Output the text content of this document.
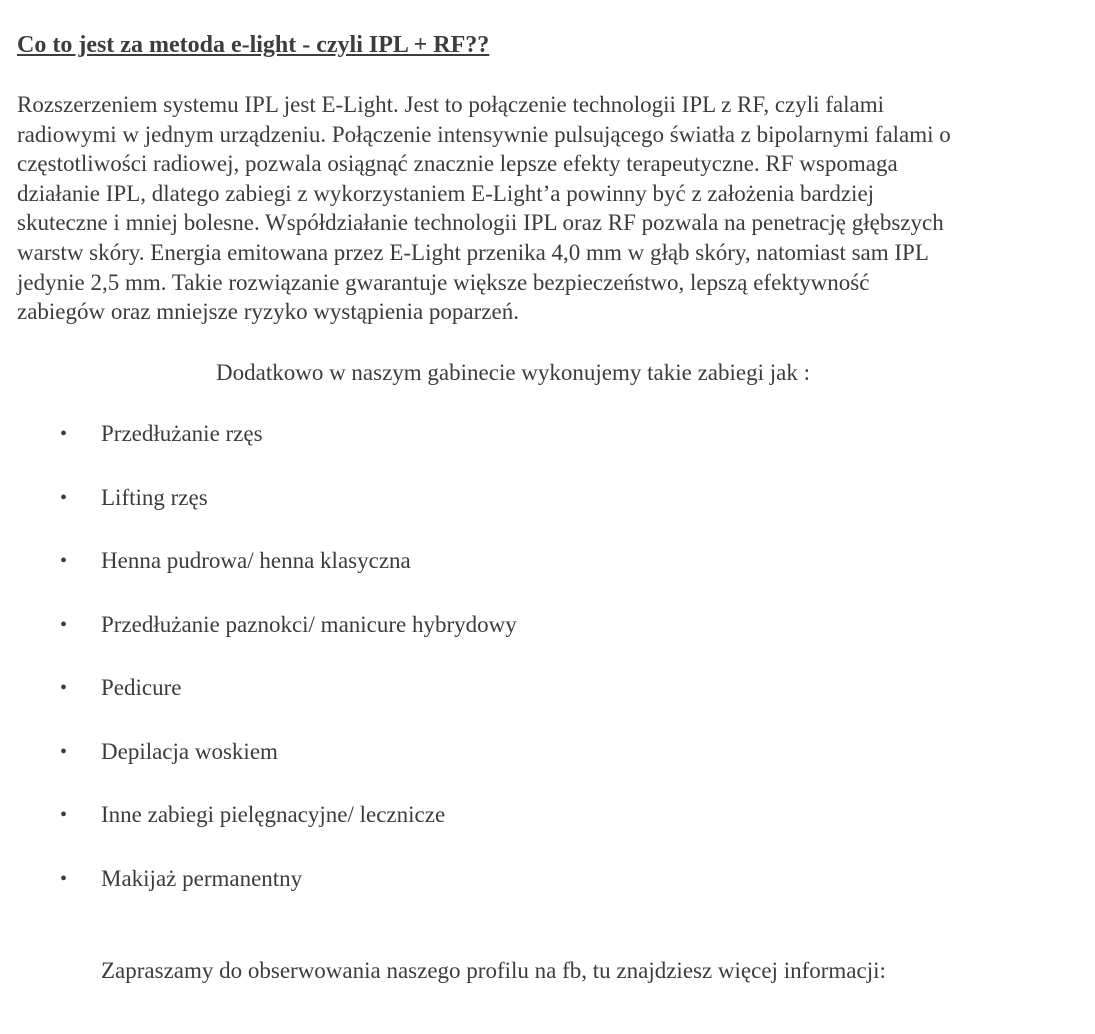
Co to jest za metoda e-light - czyli IPL + RF??

Rozszerzeniem systemu IPL jest E-Light. Jest to połączenie technologii IPL z RF, czyli falami
radiowymi w jednym urządzeniu. Połączenie intensywnie pulsującego światła z bipolarnymi falami o
częstotliwości radiowej, pozwala osiągnąć znacznie lepsze efekty terapeutyczne. RF wspomaga
działanie IPL, dlatego zabiegi z wykorzystaniem E-Light’a powinny być z założenia bardziej
skuteczne i mniej bolesne. Współdziałanie technologii IPL oraz RF pozwala na penetrację głębszych
warstw skóry. Energia emitowana przez E-Light przenika 4,0 mm w głąb skóry, natomiast sam IPL
jedynie 2,5 mm. Takie rozwiązanie gwarantuje większe bezpieczeństwo, lepszą efektywność
zabiegów oraz mniejsze ryzyko wystąpienia poparzeń.

Dodatkowo w naszym gabinecie wykonujemy takie zabiegi jak :

• Przedłużanie rzęs
• Lifting rzęs
• Henna pudrowa/ henna klasyczna
• Przedłużanie paznokci/ manicure hybrydowy
• Pedicure
• Depilacja woskiem
• Inne zabiegi pielęgnacyjne/ lecznicze
• Makijaż permanentny

Zapraszamy do obserwowania naszego profilu na fb, tu znajdziesz więcej informacji:
